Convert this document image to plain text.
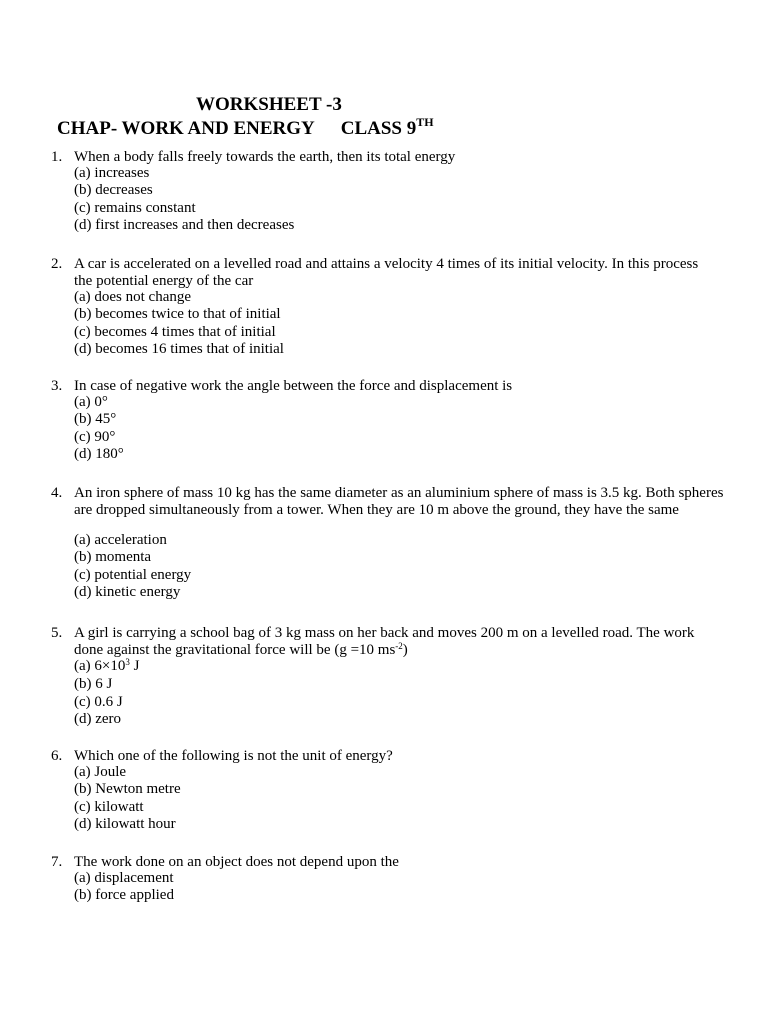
WORKSHEET -3
CHAP- WORK AND ENERGY CLASS 9TH
1. When a body falls freely towards the earth, then its total energy
(a) increases
(b) decreases
(c) remains constant
(d) first increases and then decreases
2. A car is accelerated on a levelled road and attains a velocity 4 times of its initial velocity. In this process the potential energy of the car
(a) does not change
(b) becomes twice to that of initial
(c) becomes 4 times that of initial
(d) becomes 16 times that of initial
3. In case of negative work the angle between the force and displacement is
(a) 0°
(b) 45°
(c) 90°
(d) 180°
4. An iron sphere of mass 10 kg has the same diameter as an aluminium sphere of mass is 3.5 kg. Both spheres are dropped simultaneously from a tower. When they are 10 m above the ground, they have the same
(a) acceleration
(b) momenta
(c) potential energy
(d) kinetic energy
5. A girl is carrying a school bag of 3 kg mass on her back and moves 200 m on a levelled road. The work done against the gravitational force will be (g =10 $ms^{-2}$)
(a) $6\times 10^3$ J
(b) 6 J
(c) 0.6 J
(d) zero
6. Which one of the following is not the unit of energy?
(a) Joule
(b) Newton metre
(c) kilowatt
(d) kilowatt hour
7. The work done on an object does not depend upon the
(a) displacement
(b) force applied
